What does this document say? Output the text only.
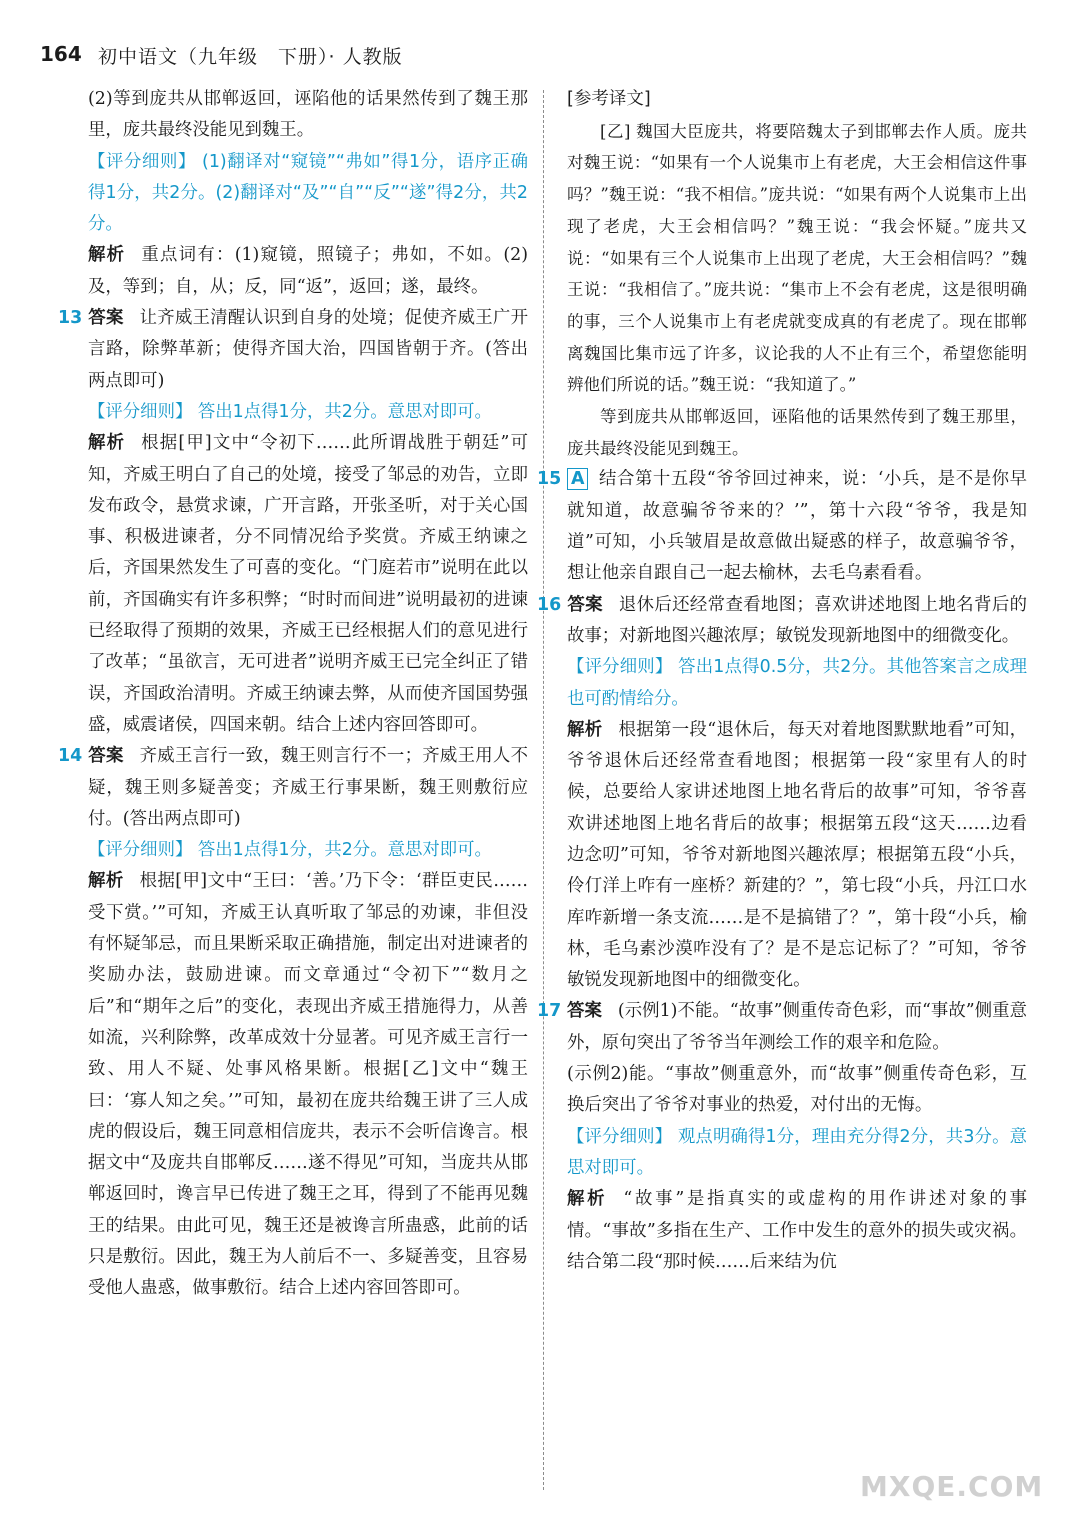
164 初中语文（九年级　下册）· 人教版

(2)等到庞共从邯郸返回，诬陷他的话果然传到了魏王那里，庞共最终没能见到魏王。

【评分细则】 (1)翻译对“窥镜”“弗如”得1分，语序正确得1分，共2分。(2)翻译对“及”“自”“反”“遂”得2分，共2分。

解析 重点词有：(1)窥镜，照镜子；弗如，不如。(2)及，等到；自，从；反，同“返”，返回；遂，最终。

13 答案 让齐威王清醒认识到自身的处境；促使齐威王广开言路，除弊革新；使得齐国大治，四国皆朝于齐。(答出两点即可)

【评分细则】 答出1点得1分，共2分。意思对即可。

解析 根据[甲]文中“令初下……此所谓战胜于朝廷”可知，齐威王明白了自己的处境，接受了邹忌的劝告，立即发布政令，悬赏求谏，广开言路，开张圣听，对于关心国事、积极进谏者，分不同情况给予奖赏。齐威王纳谏之后，齐国果然发生了可喜的变化。“门庭若市”说明在此以前，齐国确实有许多积弊；“时时而间进”说明最初的进谏已经取得了预期的效果，齐威王已经根据人们的意见进行了改革；“虽欲言，无可进者”说明齐威王已完全纠正了错误，齐国政治清明。齐威王纳谏去弊，从而使齐国国势强盛，威震诸侯，四国来朝。结合上述内容回答即可。

14 答案 齐威王言行一致，魏王则言行不一；齐威王用人不疑，魏王则多疑善变；齐威王行事果断，魏王则敷衍应付。(答出两点即可)

【评分细则】 答出1点得1分，共2分。意思对即可。

解析 根据[甲]文中“王曰：‘善。’乃下令：‘群臣吏民……受下赏。’”可知，齐威王认真听取了邹忌的劝谏，非但没有怀疑邹忌，而且果断采取正确措施，制定出对进谏者的奖励办法，鼓励进谏。而文章通过“令初下”“数月之后”和“期年之后”的变化，表现出齐威王措施得力，从善如流，兴利除弊，改革成效十分显著。可见齐威王言行一致、用人不疑、处事风格果断。根据[乙]文中“魏王曰：‘寡人知之矣。’”可知，最初在庞共给魏王讲了三人成虎的假设后，魏王同意相信庞共，表示不会听信谗言。根据文中“及庞共自邯郸反……遂不得见”可知，当庞共从邯郸返回时，谗言早已传进了魏王之耳，得到了不能再见魏王的结果。由此可见，魏王还是被谗言所蛊惑，此前的话只是敷衍。因此，魏王为人前后不一、多疑善变，且容易受他人蛊惑，做事敷衍。结合上述内容回答即可。

[参考译文]

[乙] 魏国大臣庞共，将要陪魏太子到邯郸去作人质。庞共对魏王说：“如果有一个人说集市上有老虎，大王会相信这件事吗？”魏王说：“我不相信。”庞共说：“如果有两个人说集市上出现了老虎，大王会相信吗？”魏王说：“我会怀疑。”庞共又说：“如果有三个人说集市上出现了老虎，大王会相信吗？”魏王说：“我相信了。”庞共说：“集市上不会有老虎，这是很明确的事，三个人说集市上有老虎就变成真的有老虎了。现在邯郸离魏国比集市远了许多，议论我的人不止有三个，希望您能明辨他们所说的话。”魏王说：“我知道了。”

等到庞共从邯郸返回，诬陷他的话果然传到了魏王那里，庞共最终没能见到魏王。

15 A 结合第十五段“爷爷回过神来，说：‘小兵，是不是你早就知道，故意骗爷爷来的？’”，第十六段“爷爷，我是知道”可知，小兵皱眉是故意做出疑惑的样子，故意骗爷爷，想让他亲自跟自己一起去榆林，去毛乌素看看。

16 答案 退休后还经常查看地图；喜欢讲述地图上地名背后的故事；对新地图兴趣浓厚；敏锐发现新地图中的细微变化。

【评分细则】 答出1点得0.5分，共2分。其他答案言之成理也可酌情给分。

解析 根据第一段“退休后，每天对着地图默默地看”可知，爷爷退休后还经常查看地图；根据第一段“家里有人的时候，总要给人家讲述地图上地名背后的故事”可知，爷爷喜欢讲述地图上地名背后的故事；根据第五段“这天……边看边念叨”可知，爷爷对新地图兴趣浓厚；根据第五段“小兵，伶仃洋上咋有一座桥？新建的？”，第七段“小兵，丹江口水库咋新增一条支流……是不是搞错了？”，第十段“小兵，榆林，毛乌素沙漠咋没有了？是不是忘记标了？”可知，爷爷敏锐发现新地图中的细微变化。

17 答案 (示例1)不能。“故事”侧重传奇色彩，而“事故”侧重意外，原句突出了爷爷当年测绘工作的艰辛和危险。

(示例2)能。“事故”侧重意外，而“故事”侧重传奇色彩，互换后突出了爷爷对事业的热爱，对付出的无悔。

【评分细则】 观点明确得1分，理由充分得2分，共3分。意思对即可。

解析 “故事”是指真实的或虚构的用作讲述对象的事情。“事故”多指在生产、工作中发生的意外的损失或灾祸。结合第二段“那时候……后来结为伉

MXQE.COM
